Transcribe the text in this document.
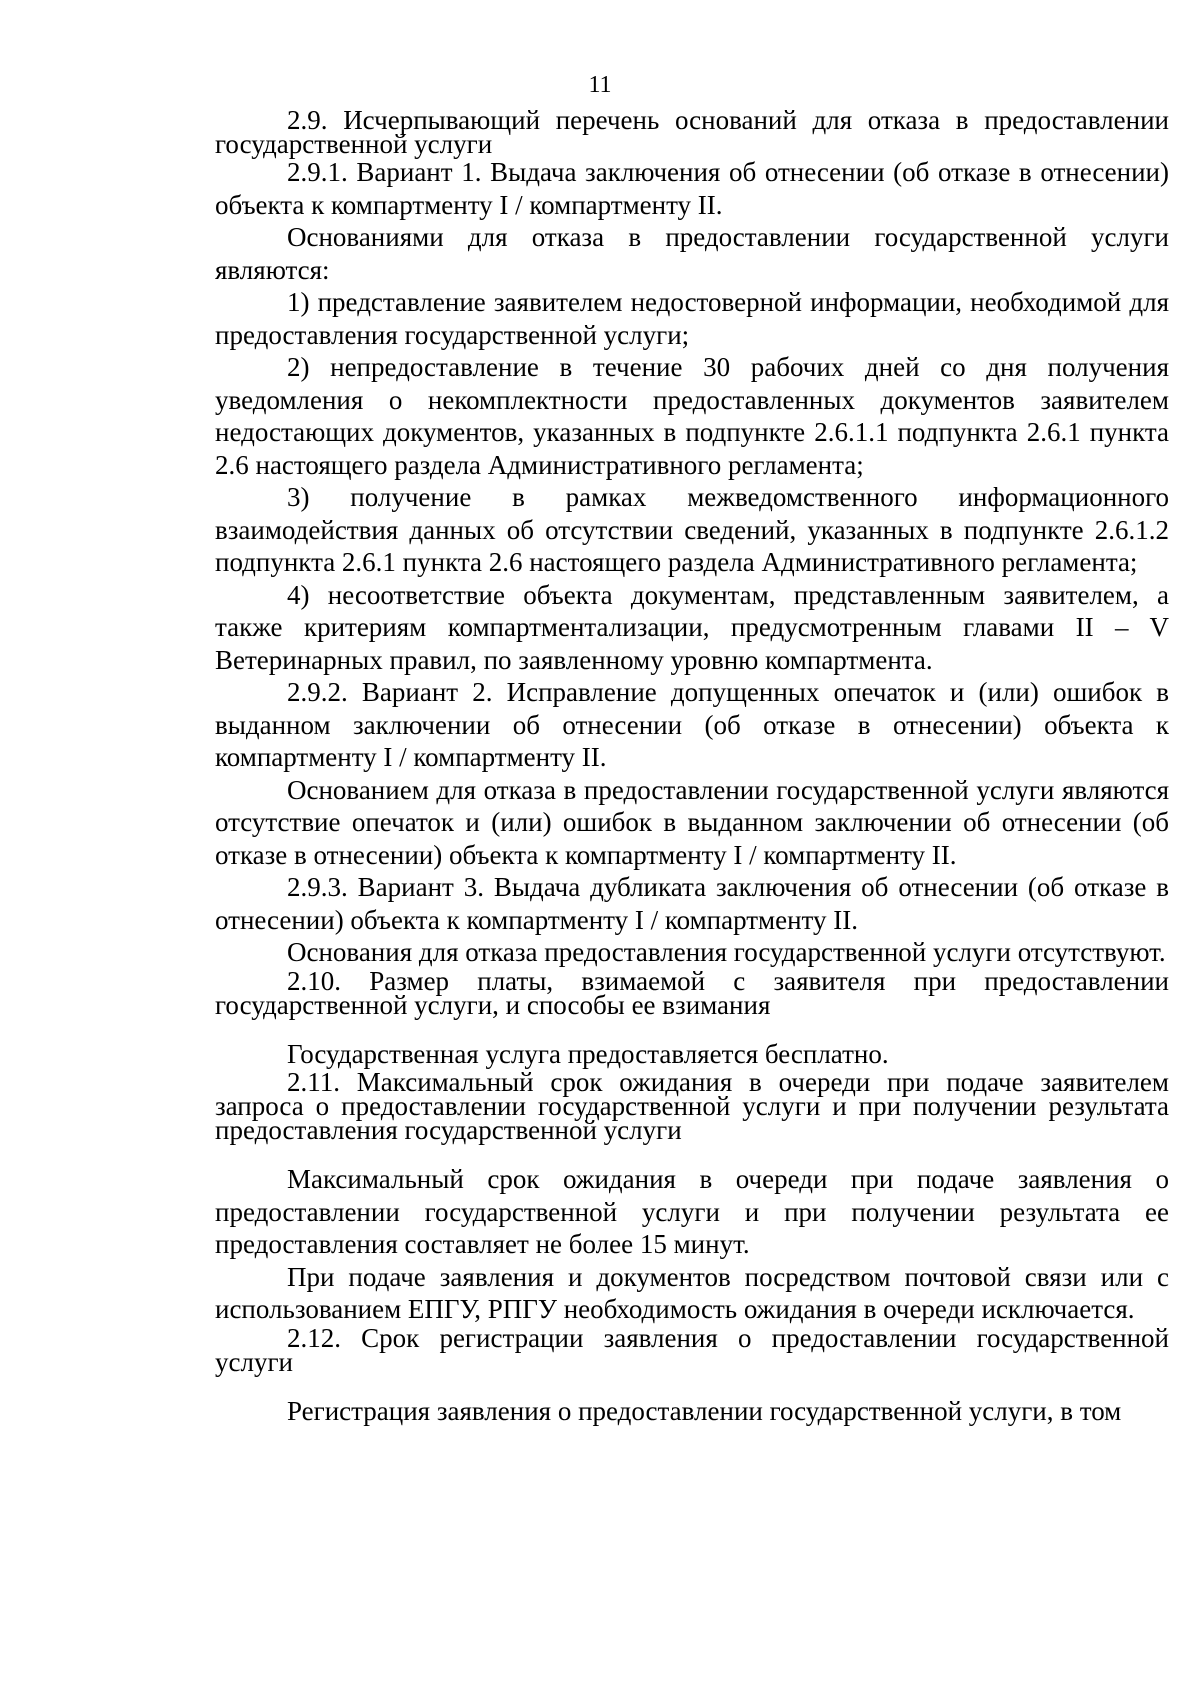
11

2.9. Исчерпывающий перечень оснований для отказа в предоставлении государственной услуги

2.9.1. Вариант 1. Выдача заключения об отнесении (об отказе в отнесении) объекта к компартменту I / компартменту II.

Основаниями для отказа в предоставлении государственной услуги являются:

1) представление заявителем недостоверной информации, необходимой для предоставления государственной услуги;

2) непредоставление в течение 30 рабочих дней со дня получения уведомления о некомплектности предоставленных документов заявителем недостающих документов, указанных в подпункте 2.6.1.1 подпункта 2.6.1 пункта 2.6 настоящего раздела Административного регламента;

3) получение в рамках межведомственного информационного взаимодействия данных об отсутствии сведений, указанных в подпункте 2.6.1.2 подпункта 2.6.1 пункта 2.6 настоящего раздела Административного регламента;

4) несоответствие объекта документам, представленным заявителем, а также критериям компартментализации, предусмотренным главами II – V Ветеринарных правил, по заявленному уровню компартмента.

2.9.2. Вариант 2. Исправление допущенных опечаток и (или) ошибок в выданном заключении об отнесении (об отказе в отнесении) объекта к компартменту I / компартменту II.

Основанием для отказа в предоставлении государственной услуги являются отсутствие опечаток и (или) ошибок в выданном заключении об отнесении (об отказе в отнесении) объекта к компартменту I / компартменту II.

2.9.3. Вариант 3. Выдача дубликата заключения об отнесении (об отказе в отнесении) объекта к компартменту I / компартменту II.

Основания для отказа предоставления государственной услуги отсутствуют.

2.10. Размер платы, взимаемой с заявителя при предоставлении государственной услуги, и способы ее взимания

Государственная услуга предоставляется бесплатно.

2.11. Максимальный срок ожидания в очереди при подаче заявителем запроса о предоставлении государственной услуги и при получении результата предоставления государственной услуги

Максимальный срок ожидания в очереди при подаче заявления о предоставлении государственной услуги и при получении результата ее предоставления составляет не более 15 минут.

При подаче заявления и документов посредством почтовой связи или с использованием ЕПГУ, РПГУ необходимость ожидания в очереди исключается.

2.12. Срок регистрации заявления о предоставлении государственной услуги

Регистрация заявления о предоставлении государственной услуги, в том
